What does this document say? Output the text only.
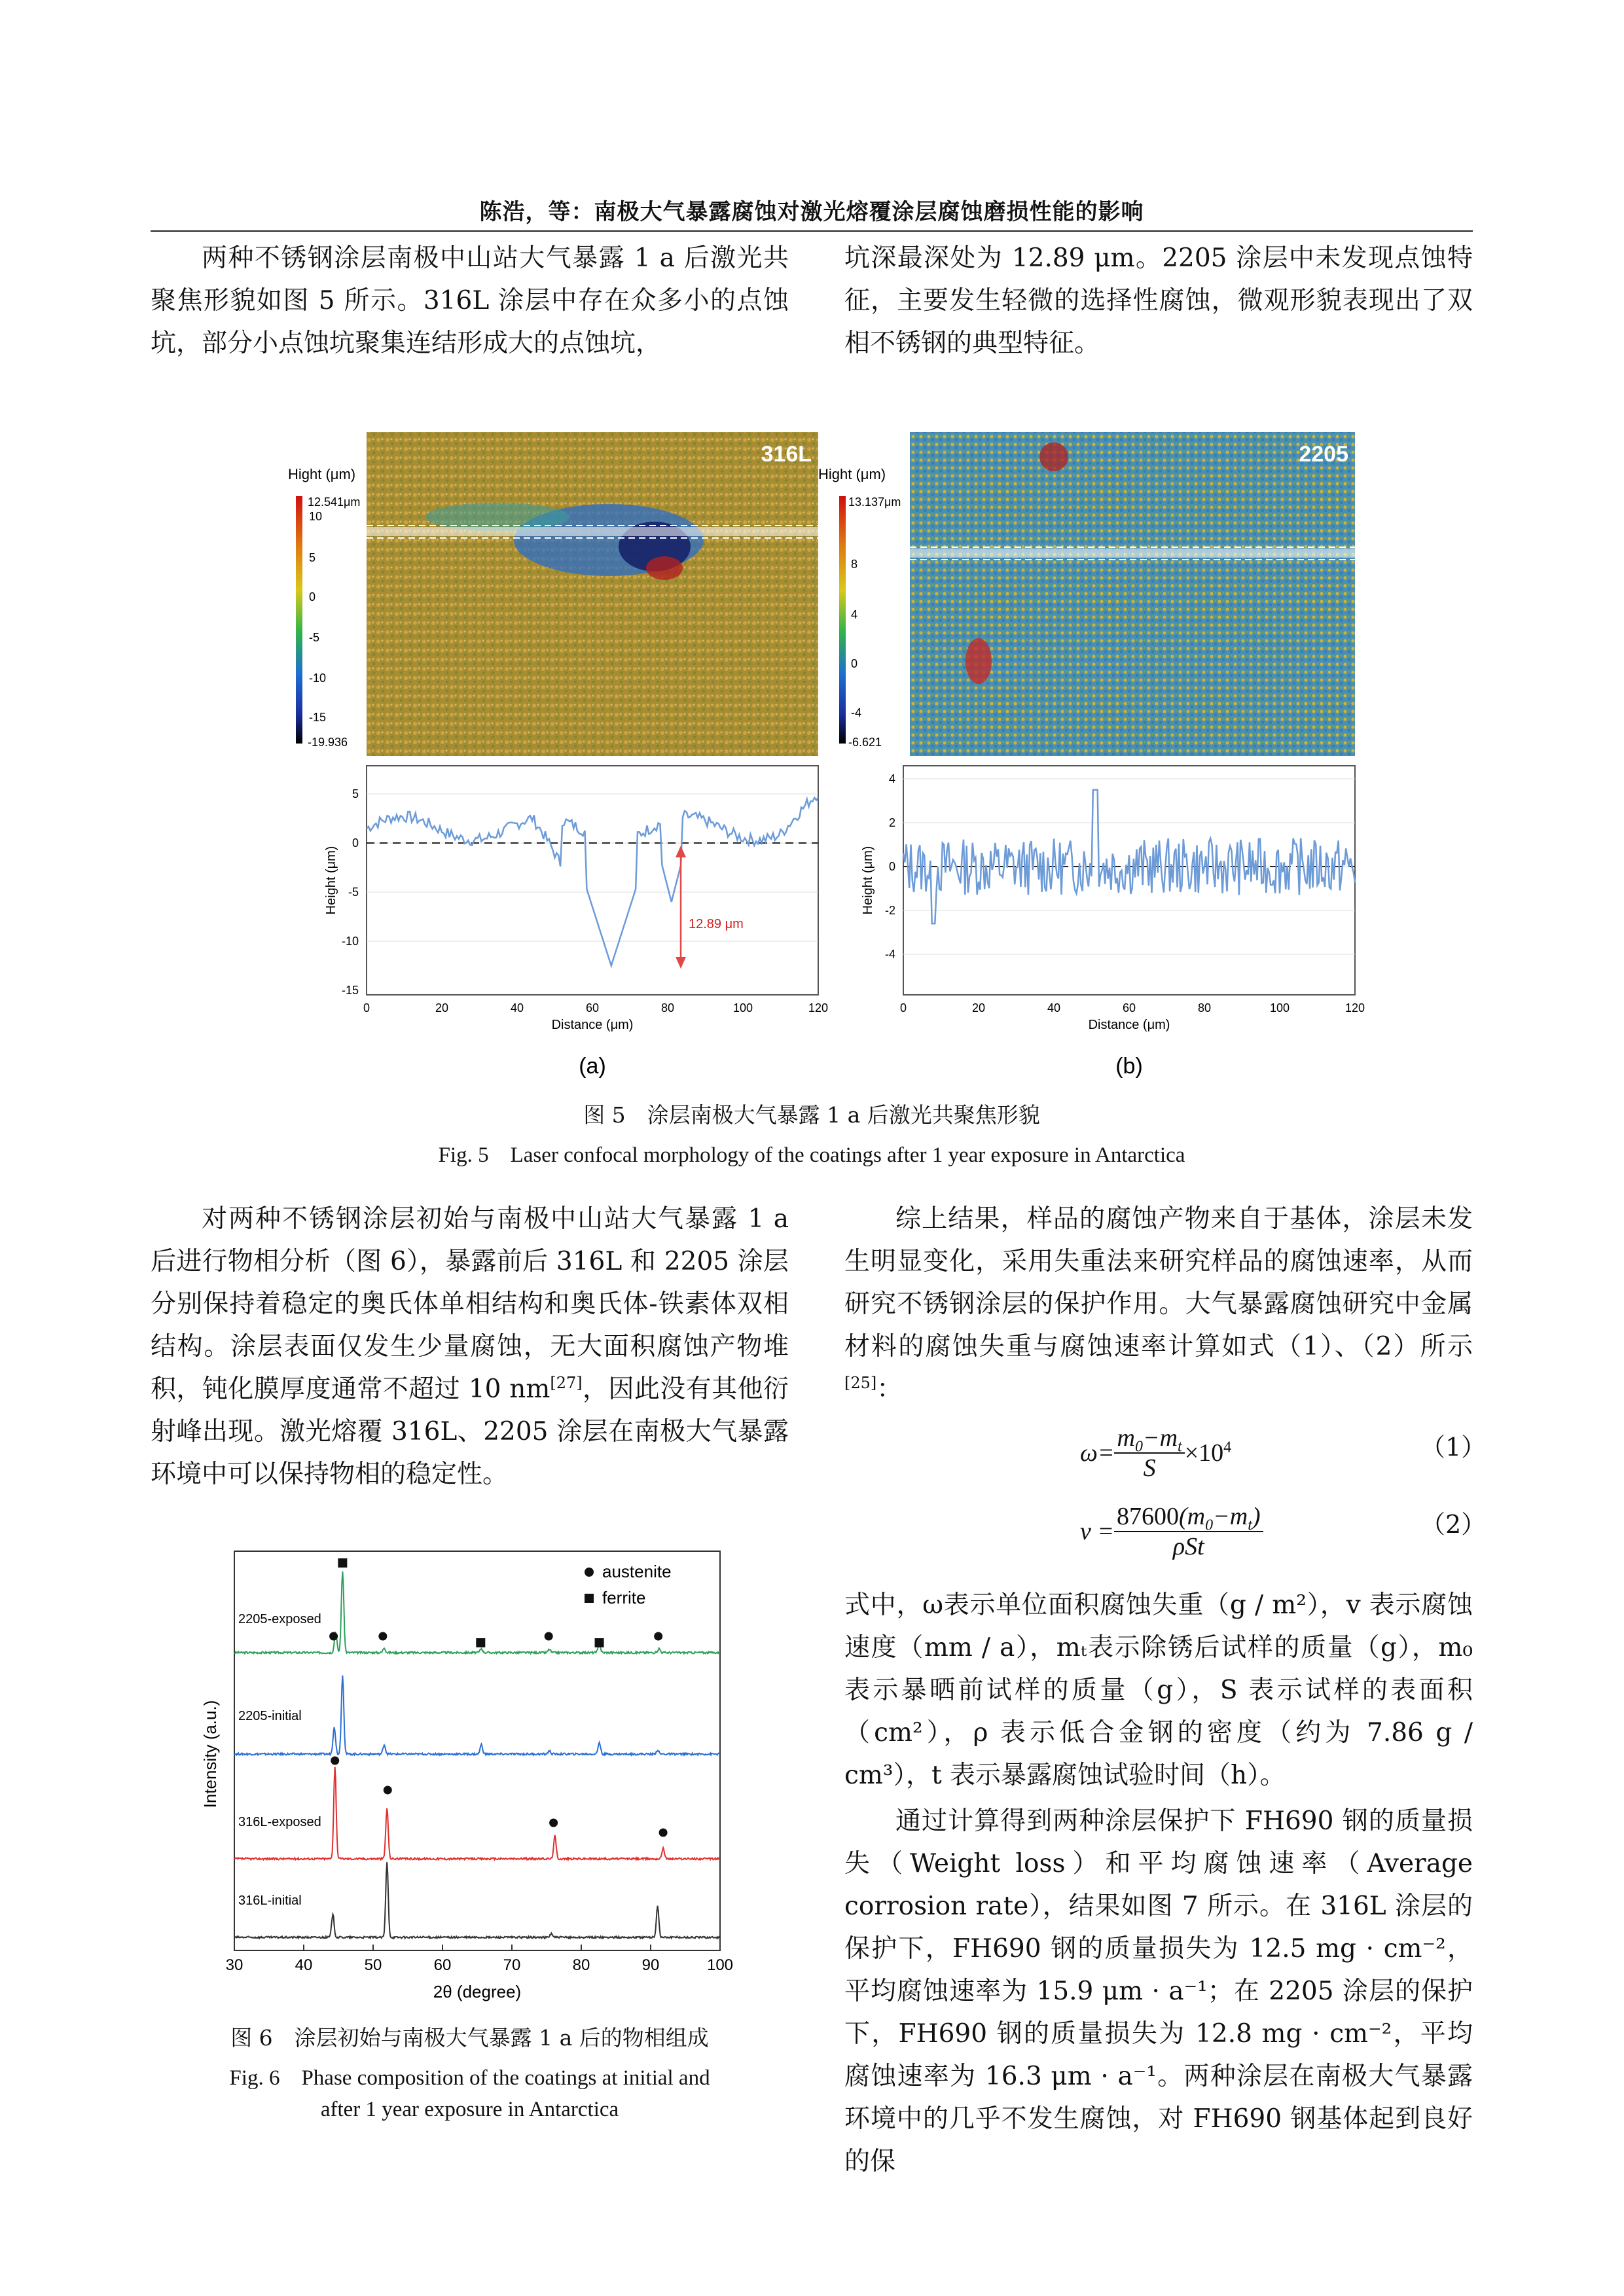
陈浩，等：南极大气暴露腐蚀对激光熔覆涂层腐蚀磨损性能的影响

两种不锈钢涂层南极中山站大气暴露 1 a 后激光共聚焦形貌如图 5 所示。316L 涂层中存在众多小的点蚀坑，部分小点蚀坑聚集连结形成大的点蚀坑，

坑深最深处为 12.89 μm。2205 涂层中未发现点蚀特征，主要发生轻微的选择性腐蚀，微观形貌表现出了双相不锈钢的典型特征。

Hight (μm)
12.541μm
10
5
0
-5
-10
-15
-19.936
316L
12.89 μm
5
0
-5
-10
-15
0	20	40	60	80	100	120
Distance (μm)
Height (μm)
(a)
Hight (μm)
13.137μm
8
4
0
-4
-6.621
2205
4
2
0
-2
-4
0	20	40	60	80	100	120
Distance (μm)
Height (μm)
(b)
图 5　涂层南极大气暴露 1 a 后激光共聚焦形貌
Fig. 5　Laser confocal morphology of the coatings after 1 year exposure in Antarctica

对两种不锈钢涂层初始与南极中山站大气暴露 1 a 后进行物相分析（图 6），暴露前后 316L 和 2205 涂层分别保持着稳定的奥氏体单相结构和奥氏体-铁素体双相结构。涂层表面仅发生少量腐蚀，无大面积腐蚀产物堆积，钝化膜厚度通常不超过 10 nm[27]，因此没有其他衍射峰出现。激光熔覆 316L、2205 涂层在南极大气暴露环境中可以保持物相的稳定性。

综上结果，样品的腐蚀产物来自于基体，涂层未发生明显变化，采用失重法来研究样品的腐蚀速率，从而研究不锈钢涂层的保护作用。大气暴露腐蚀研究中金属材料的腐蚀失重与腐蚀速率计算如式（1）、（2）所示[25]：

$\omega= \frac{m_0-m_t}{S} \times 10^4$	（1）
v =
$87600(m_0-m_t)$
ρSt
（2）

式中，ω表示单位面积腐蚀失重（g / m²），v 表示腐蚀速度（mm / a），mₜ表示除锈后试样的质量（g），m₀ 表示暴晒前试样的质量（g），S 表示试样的表面积（cm²），ρ 表示低合金钢的密度（约为 7.86 g / cm³），t 表示暴露腐蚀试验时间（h）。

通过计算得到两种涂层保护下 FH690 钢的质量损失（Weight loss）和平均腐蚀速率（Average corrosion rate），结果如图 7 所示。在 316L 涂层的保护下，FH690 钢的质量损失为 12.5 mg · cm⁻²，平均腐蚀速率为 15.9 μm · a⁻¹；在 2205 涂层的保护下，FH690 钢的质量损失为 12.8 mg · cm⁻²，平均腐蚀速率为 16.3 μm · a⁻¹。两种涂层在南极大气暴露环境中的几乎不发生腐蚀，对 FH690 钢基体起到良好的保

2205-exposed
2205-initial
316L-exposed
316L-initial
30	40	50	60	70	80	90	100
austenite
ferrite
Intensity (a.u.)
2θ (degree)
图 6　涂层初始与南极大气暴露 1 a 后的物相组成
Fig. 6　Phase composition of the coatings at initial and
after 1 year exposure in Antarctica
